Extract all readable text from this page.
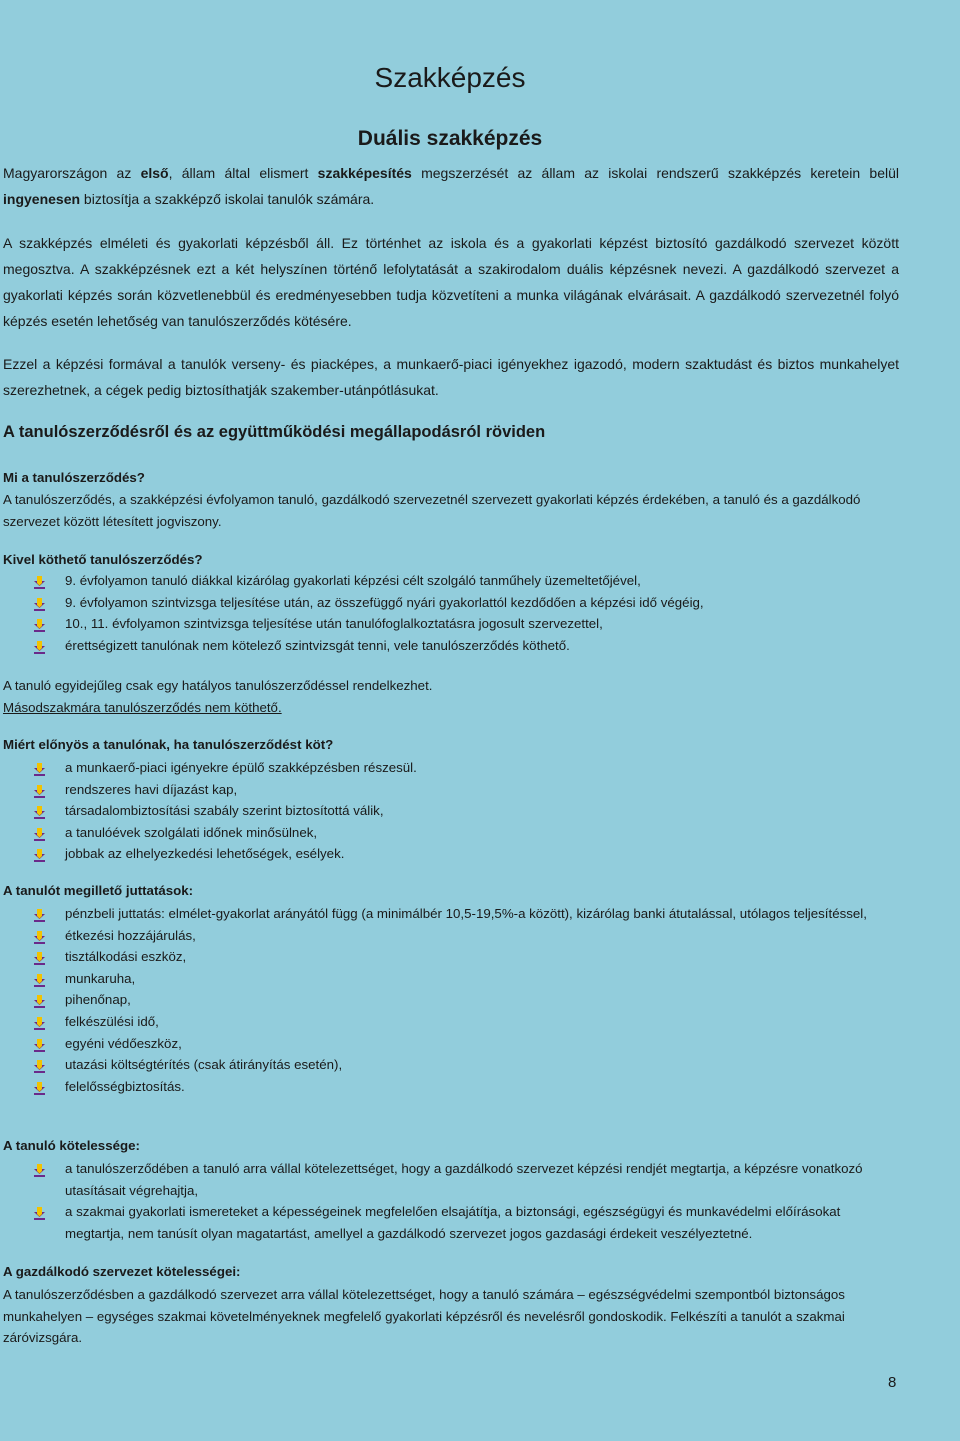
Szakképzés
Duális szakképzés

Magyarországon az első, állam által elismert szakképesítés megszerzését az állam az iskolai rendszerű szakképzés keretein belül ingyenesen biztosítja a szakképző iskolai tanulók számára.

A szakképzés elméleti és gyakorlati képzésből áll. Ez történhet az iskola és a gyakorlati képzést biztosító gazdálkodó szervezet között megosztva. A szakképzésnek ezt a két helyszínen történő lefolytatását a szakirodalom duális képzésnek nevezi. A gazdálkodó szervezet a gyakorlati képzés során közvetlenebbül és eredményesebben tudja közvetíteni a munka világának elvárásait. A gazdálkodó szervezetnél folyó képzés esetén lehetőség van tanulószerződés kötésére.

Ezzel a képzési formával a tanulók verseny- és piacképes, a munkaerő-piaci igényekhez igazodó, modern szaktudást és biztos munkahelyet szerezhetnek, a cégek pedig biztosíthatják szakember-utánpótlásukat.

A tanulószerződésről és az együttműködési megállapodásról röviden
Mi a tanulószerződés?

A tanulószerződés, a szakképzési évfolyamon tanuló, gazdálkodó szervezetnél szervezett gyakorlati képzés érdekében, a tanuló és a gazdálkodó szervezet között létesített jogviszony.

Kivel köthető tanulószerződés?
9. évfolyamon tanuló diákkal kizárólag gyakorlati képzési célt szolgáló tanműhely üzemeltetőjével,
9. évfolyamon szintvizsga teljesítése után, az összefüggő nyári gyakorlattól kezdődően a képzési idő végéig,
10., 11. évfolyamon szintvizsga teljesítése után tanulófoglalkoztatásra jogosult szervezettel,
érettségizett tanulónak nem kötelező szintvizsgát tenni, vele tanulószerződés köthető.

A tanuló egyidejűleg csak egy hatályos tanulószerződéssel rendelkezhet.

Másodszakmára tanulószerződés nem köthető.

Miért előnyös a tanulónak, ha tanulószerződést köt?
a munkaerő-piaci igényekre épülő szakképzésben részesül.
rendszeres havi díjazást kap,
társadalombiztosítási szabály szerint biztosítottá válik,
a tanulóévek szolgálati időnek minősülnek,
jobbak az elhelyezkedési lehetőségek, esélyek.
A tanulót megillető juttatások:
pénzbeli juttatás: elmélet-gyakorlat arányától függ (a minimálbér 10,5-19,5%-a között), kizárólag banki átutalással, utólagos teljesítéssel,
étkezési hozzájárulás,
tisztálkodási eszköz,
munkaruha,
pihenőnap,
felkészülési idő,
egyéni védőeszköz,
utazási költségtérítés (csak átirányítás esetén),
felelősségbiztosítás.
A tanuló kötelessége:
a tanulószerződében a tanuló arra vállal kötelezettséget, hogy a gazdálkodó szervezet képzési rendjét megtartja, a képzésre vonatkozó utasításait végrehajtja,
a szakmai gyakorlati ismereteket a képességeinek megfelelően elsajátítja, a biztonsági, egészségügyi és munkavédelmi előírásokat megtartja, nem tanúsít olyan magatartást, amellyel a gazdálkodó szervezet jogos gazdasági érdekeit veszélyeztetné.
A gazdálkodó szervezet kötelességei:

A tanulószerződésben a gazdálkodó szervezet arra vállal kötelezettséget, hogy a tanuló számára – egészségvédelmi szempontból biztonságos munkahelyen – egységes szakmai követelményeknek megfelelő gyakorlati képzésről és nevelésről gondoskodik. Felkészíti a tanulót a szakmai záróvizsgára.

8
